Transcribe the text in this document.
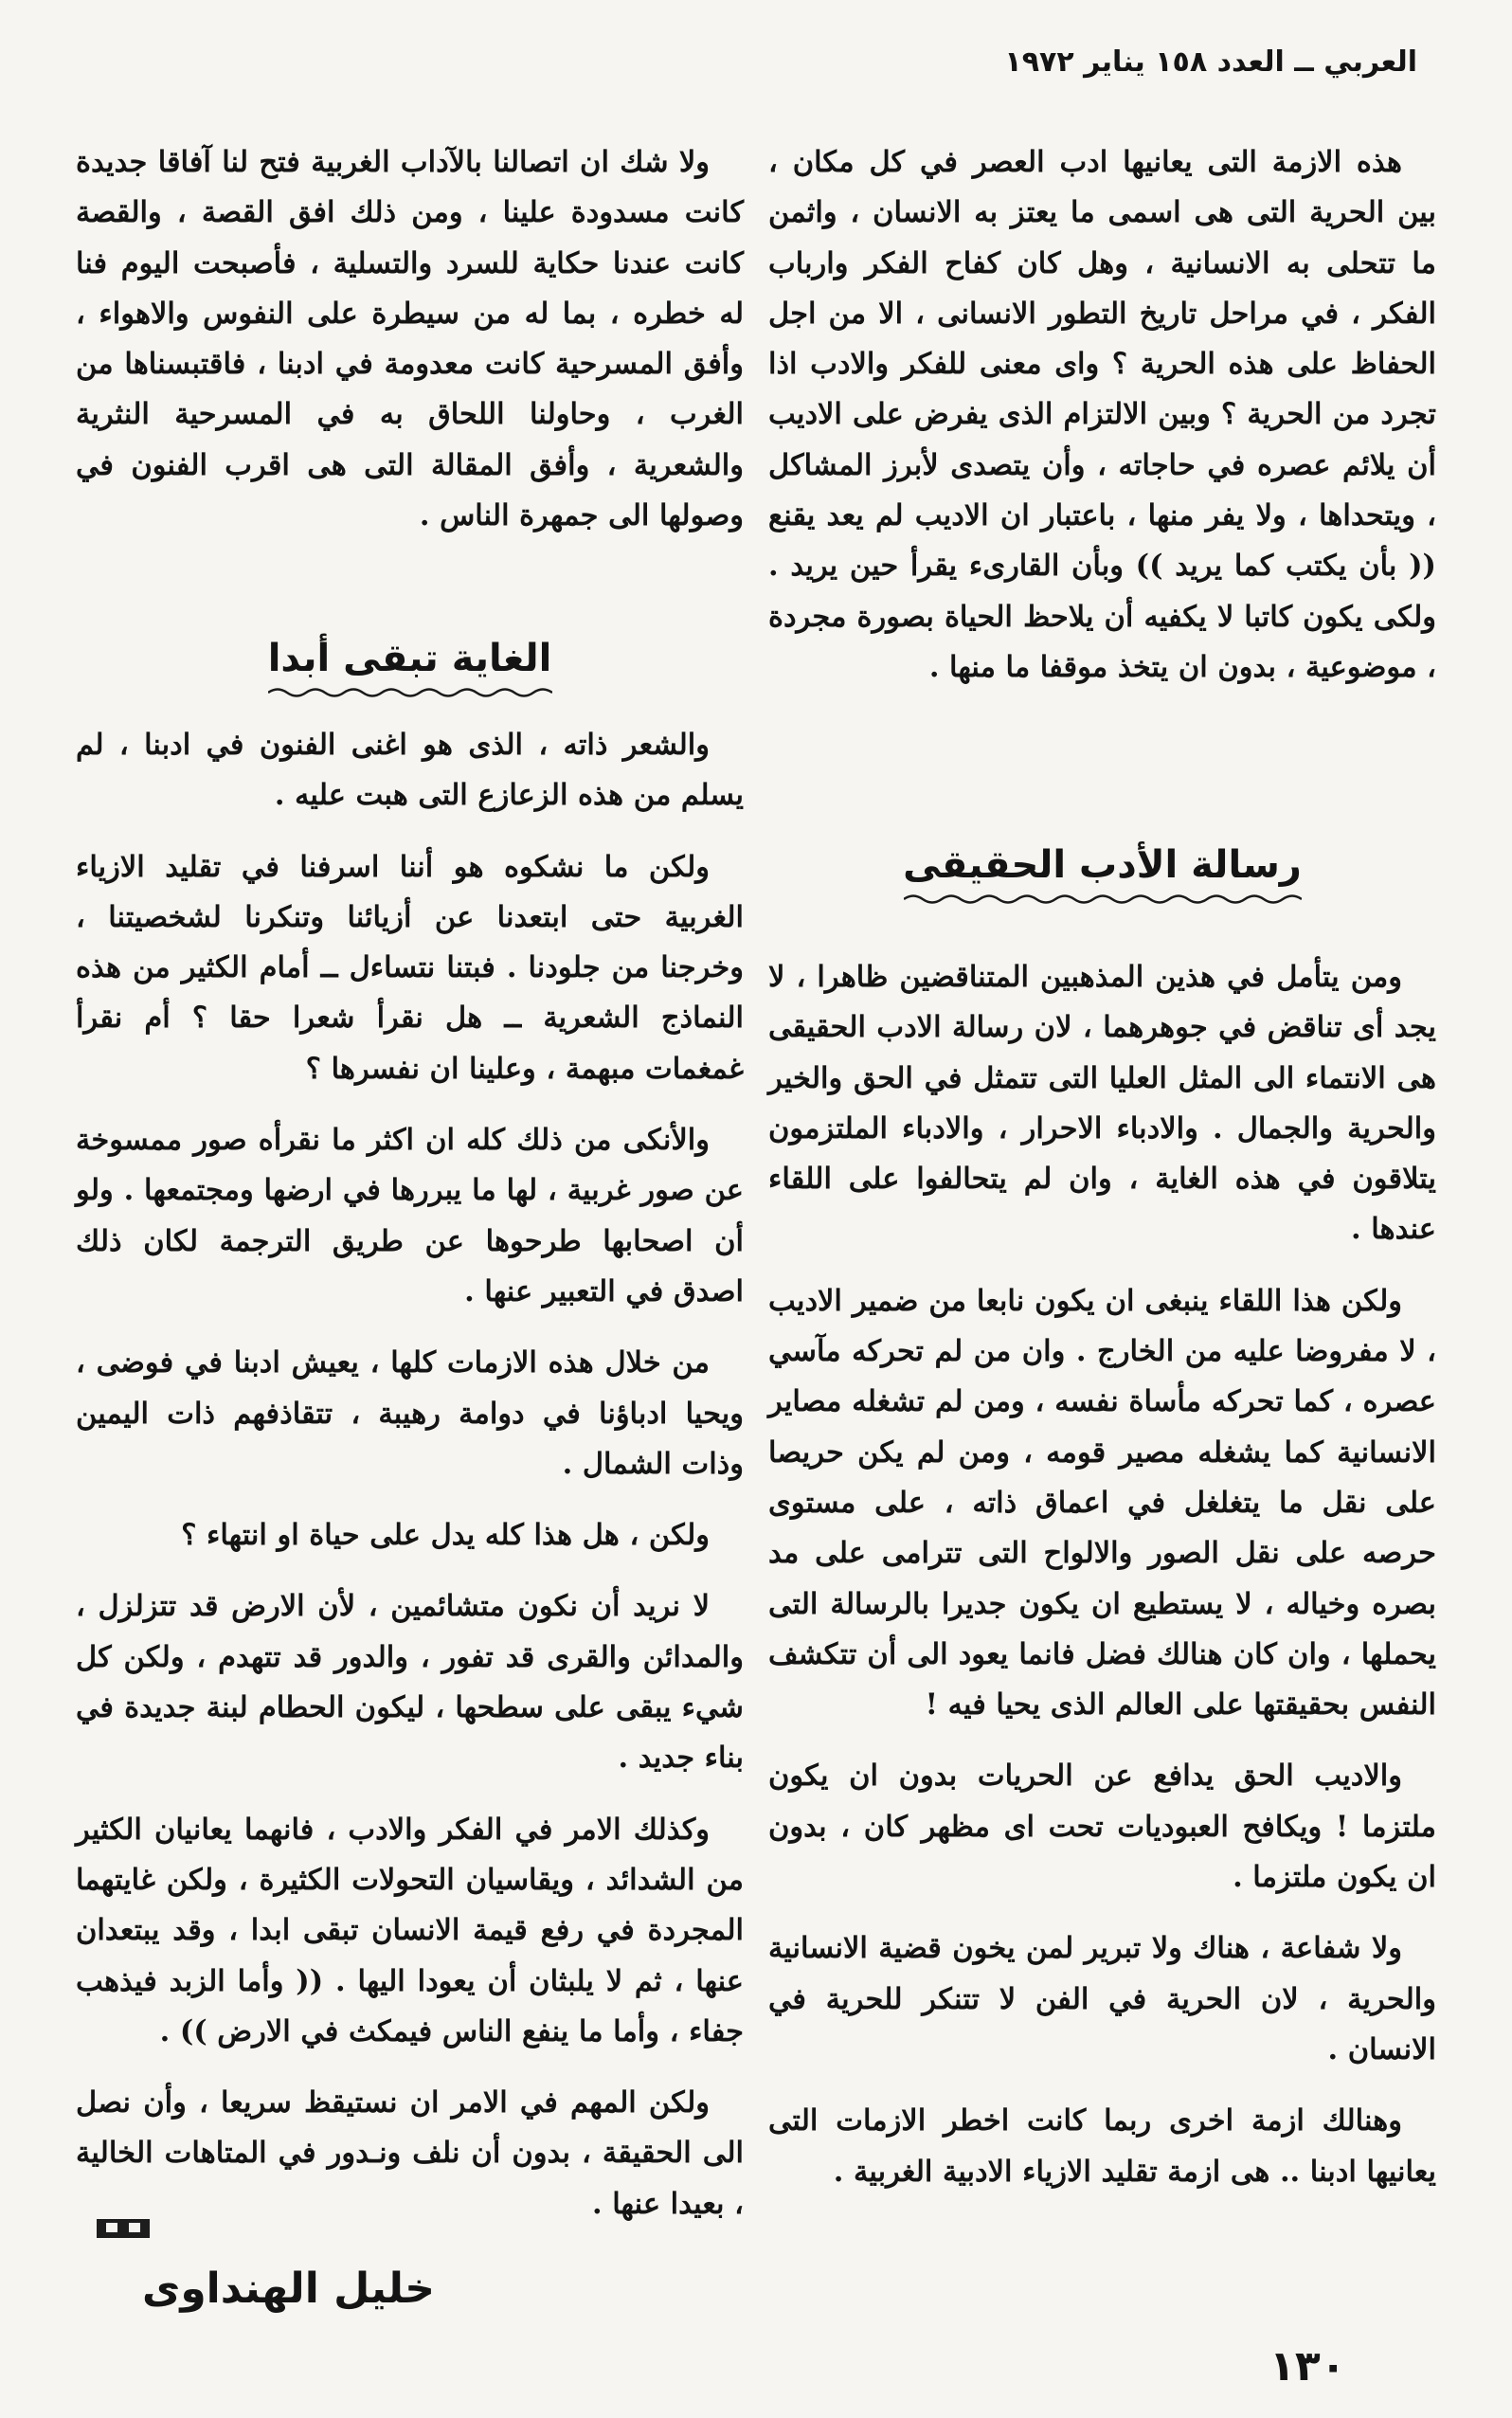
العربي ــ العدد ١٥٨ يناير ١٩٧٢

هذه الازمة التى يعانيها ادب العصر في كل مكان ، بين الحرية التى هى اسمى ما يعتز به الانسان ، واثمن ما تتحلى به الانسانية ، وهل كان كفاح الفكر وارباب الفكر ، في مراحل تاريخ التطور الانسانى ، الا من اجل الحفاظ على هذه الحرية ؟ واى معنى للفكر والادب اذا تجرد من الحرية ؟ وبين الالتزام الذى يفرض على الاديب أن يلائم عصره في حاجاته ، وأن يتصدى لأبرز المشاكل ، ويتحداها ، ولا يفر منها ، باعتبار ان الاديب لم يعد يقنع (( بأن يكتب كما يريد )) وبأن القارىء يقرأ حين يريد . ولكى يكون كاتبا لا يكفيه أن يلاحظ الحياة بصورة مجردة ، موضوعية ، بدون ان يتخذ موقفا ما منها .

رسالة الأدب الحقيقى

ومن يتأمل في هذين المذهبين المتناقضين ظاهرا ، لا يجد أى تناقض في جوهرهما ، لان رسالة الادب الحقيقى هى الانتماء الى المثل العليا التى تتمثل في الحق والخير والحرية والجمال . والادباء الاحرار ، والادباء الملتزمون يتلاقون في هذه الغاية ، وان لم يتحالفوا على اللقاء عندها .

ولكن هذا اللقاء ينبغى ان يكون نابعا من ضمير الاديب ، لا مفروضا عليه من الخارج . وان من لم تحركه مآسي عصره ، كما تحركه مأساة نفسه ، ومن لم تشغله مصاير الانسانية كما يشغله مصير قومه ، ومن لم يكن حريصا على نقل ما يتغلغل في اعماق ذاته ، على مستوى حرصه على نقل الصور والالواح التى تترامى على مد بصره وخياله ، لا يستطيع ان يكون جديرا بالرسالة التى يحملها ، وان كان هنالك فضل فانما يعود الى أن تتكشف النفس بحقيقتها على العالم الذى يحيا فيه !

والاديب الحق يدافع عن الحريات بدون ان يكون ملتزما ! ويكافح العبوديات تحت اى مظهر كان ، بدون ان يكون ملتزما .

ولا شفاعة ، هناك ولا تبرير لمن يخون قضية الانسانية والحرية ، لان الحرية في الفن لا تتنكر للحرية في الانسان .

وهنالك ازمة اخرى ربما كانت اخطر الازمات التى يعانيها ادبنا .. هى ازمة تقليد الازياء الادبية الغربية .

ولا شك ان اتصالنا بالآداب الغربية فتح لنا آفاقا جديدة كانت مسدودة علينا ، ومن ذلك افق القصة ، والقصة كانت عندنا حكاية للسرد والتسلية ، فأصبحت اليوم فنا له خطره ، بما له من سيطرة على النفوس والاهواء ، وأفق المسرحية كانت معدومة في ادبنا ، فاقتبسناها من الغرب ، وحاولنا اللحاق به في المسرحية النثرية والشعرية ، وأفق المقالة التى هى اقرب الفنون في وصولها الى جمهرة الناس .

الغاية تبقى أبدا

والشعر ذاته ، الذى هو اغنى الفنون في ادبنا ، لم يسلم من هذه الزعازع التى هبت عليه .

ولكن ما نشكوه هو أننا اسرفنا في تقليد الازياء الغربية حتى ابتعدنا عن أزيائنا وتنكرنا لشخصيتنا ، وخرجنا من جلودنا . فبتنا نتساءل ــ أمام الكثير من هذه النماذج الشعرية ــ هل نقرأ شعرا حقا ؟ أم نقرأ غمغمات مبهمة ، وعلينا ان نفسرها ؟

والأنكى من ذلك كله ان اكثر ما نقرأه صور ممسوخة عن صور غربية ، لها ما يبررها في ارضها ومجتمعها . ولو أن اصحابها طرحوها عن طريق الترجمة لكان ذلك اصدق في التعبير عنها .

من خلال هذه الازمات كلها ، يعيش ادبنا في فوضى ، ويحيا ادباؤنا في دوامة رهيبة ، تتقاذفهم ذات اليمين وذات الشمال .

ولكن ، هل هذا كله يدل على حياة او انتهاء ؟

لا نريد أن نكون متشائمين ، لأن الارض قد تتزلزل ، والمدائن والقرى قد تفور ، والدور قد تتهدم ، ولكن كل شيء يبقى على سطحها ، ليكون الحطام لبنة جديدة في بناء جديد .

وكذلك الامر في الفكر والادب ، فانهما يعانيان الكثير من الشدائد ، ويقاسيان التحولات الكثيرة ، ولكن غايتهما المجردة في رفع قيمة الانسان تبقى ابدا ، وقد يبتعدان عنها ، ثم لا يلبثان أن يعودا اليها . (( وأما الزبد فيذهب جفاء ، وأما ما ينفع الناس فيمكث في الارض )) .

ولكن المهم في الامر ان نستيقظ سريعا ، وأن نصل الى الحقيقة ، بدون أن نلف ونـدور في المتاهات الخالية ، بعيدا عنها .

خليل الهنداوى
١٣٠
